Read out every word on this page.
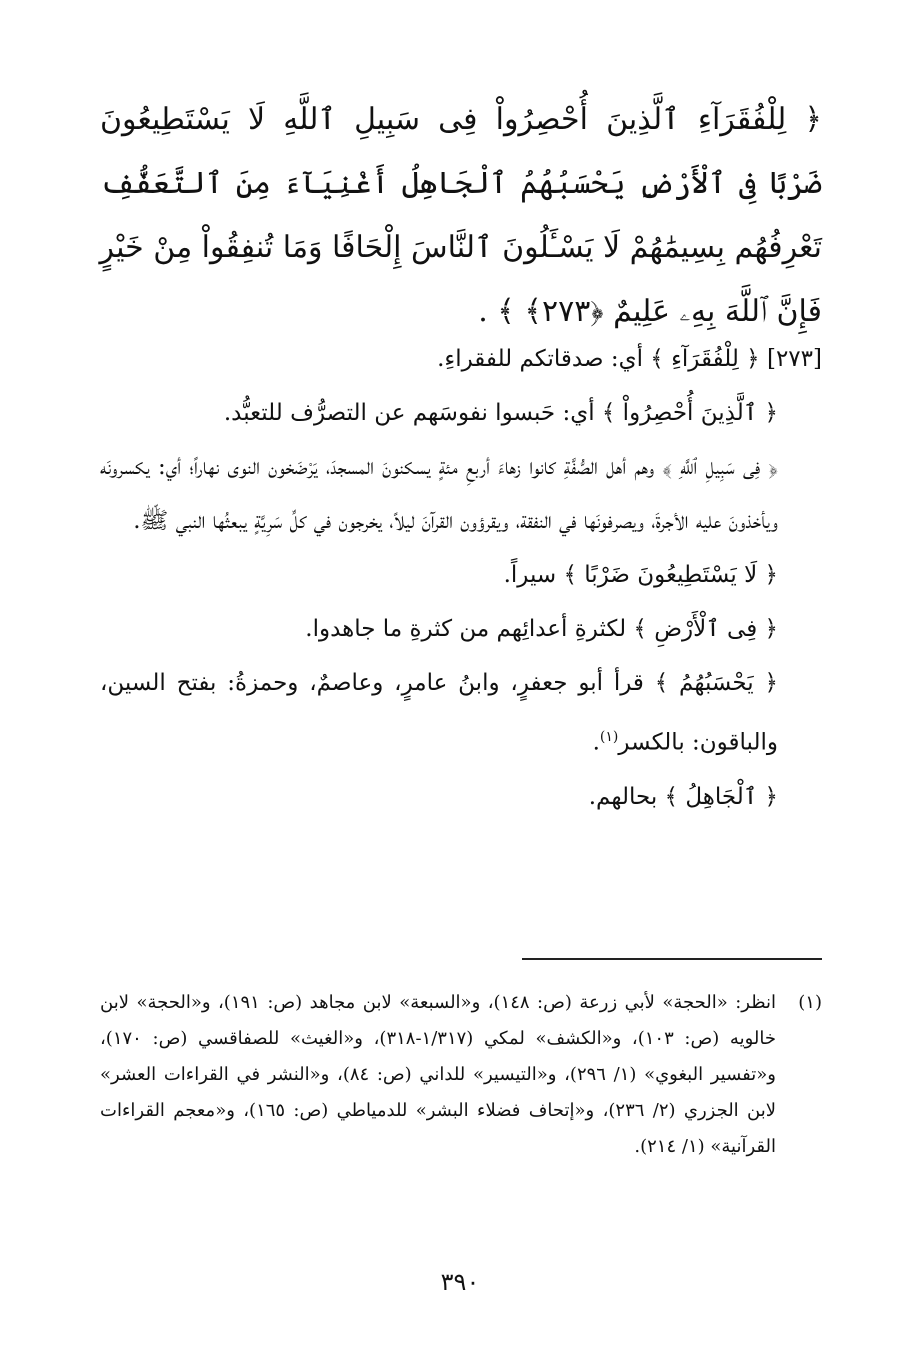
﴿ لِلْفُقَرَآءِ ٱلَّذِينَ أُحْصِرُواْ فِى سَبِيلِ ٱللَّهِ لَا يَسْتَطِيعُونَ
ضَرْبًا فِى ٱلْأَرْضِ يَحْسَبُهُمُ ٱلْجَاهِلُ أَغْنِيَآءَ مِنَ ٱلتَّعَفُّفِ
تَعْرِفُهُم بِسِيمَٰهُمْ لَا يَسْـَٔلُونَ ٱلنَّاسَ إِلْحَافًا وَمَا تُنفِقُواْ مِنْ خَيْرٍ
فَإِنَّ ٱللَّهَ بِهِۦ عَلِيمٌ ﴿٢٧٣﴾ ﴾ .

[٢٧٣] ﴿ لِلْفُقَرَآءِ ﴾ أي: صدقاتكم للفقراءِ.

﴿ ٱلَّذِينَ أُحْصِرُواْ ﴾ أي: حَبسوا نفوسَهم عن التصرُّف للتعبُّد.

﴿ فِى سَبِيلِ ٱللَّهِ ﴾ وهم أهل الصُّفَّةِ كانوا زهاءَ أربعِ مئةٍ يسكنونَ المسجدَ، يَرْضَخون النوى نهاراً؛ أي: يكسرونَه ويأخذونَ عليه الأجرةَ، ويصرفونَها في النفقة، ويقرؤون القرآنَ ليلاً، يخرجون في كلِّ سَرِيَّةٍ يبعثُها النبي ﷺ.

﴿ لَا يَسْتَطِيعُونَ ضَرْبًا ﴾ سيراً.

﴿ فِى ٱلْأَرْضِ ﴾ لكثرةِ أعدائِهم من كثرةِ ما جاهدوا.

﴿ يَحْسَبُهُمُ ﴾ قرأ أبو جعفرٍ، وابنُ عامرٍ، وعاصمٌ، وحمزةُ: بفتح السين، والباقون: بالكسر$^{(١)}$.

﴿ ٱلْجَاهِلُ ﴾ بحالهم.

(١)
انظر: «الحجة» لأبي زرعة (ص: ١٤٨)، و«السبعة» لابن مجاهد (ص: ١٩١)، و«الحجة» لابن خالويه (ص: ١٠٣)، و«الكشف» لمكي (١/٣١٧-٣١٨)، و«الغيث» للصفاقسي (ص: ١٧٠)، و«تفسير البغوي» (١/ ٢٩٦)، و«التيسير» للداني (ص: ٨٤)، و«النشر في القراءات العشر» لابن الجزري (٢/ ٢٣٦)، و«إتحاف فضلاء البشر» للدمياطي (ص: ١٦٥)، و«معجم القراءات القرآنية» (١/ ٢١٤).
٣٩٠
